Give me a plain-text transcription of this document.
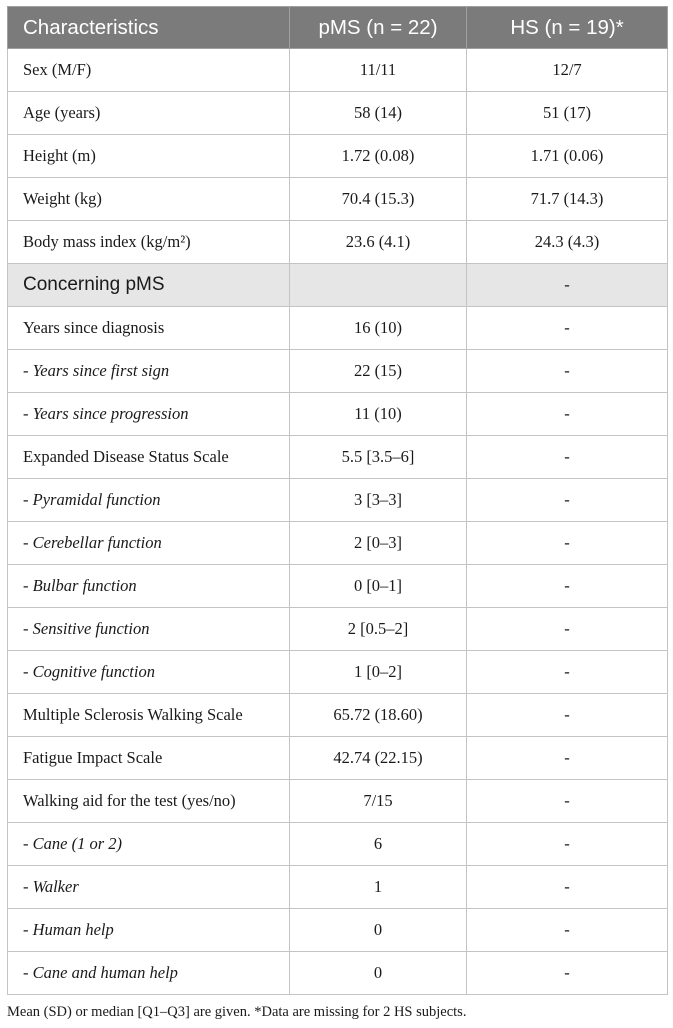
Characteristics	pMS (n = 22)	HS (n = 19)*
Sex (M/F)	11/11	12/7
Age (years)	58 (14)	51 (17)
Height (m)	1.72 (0.08)	1.71 (0.06)
Weight (kg)	70.4 (15.3)	71.7 (14.3)
Body mass index (kg/m²)	23.6 (4.1)	24.3 (4.3)
Concerning pMS		-
Years since diagnosis	16 (10)	-
- Years since first sign	22 (15)	-
- Years since progression	11 (10)	-
Expanded Disease Status Scale	5.5 [3.5–6]	-
- Pyramidal function	3 [3–3]	-
- Cerebellar function	2 [0–3]	-
- Bulbar function	0 [0–1]	-
- Sensitive function	2 [0.5–2]	-
- Cognitive function	1 [0–2]	-
Multiple Sclerosis Walking Scale	65.72 (18.60)	-
Fatigue Impact Scale	42.74 (22.15)	-
Walking aid for the test (yes/no)	7/15	-
- Cane (1 or 2)	6	-
- Walker	1	-
- Human help	0	-
- Cane and human help	0	-
Mean (SD) or median [Q1–Q3] are given. *Data are missing for 2 HS subjects.
